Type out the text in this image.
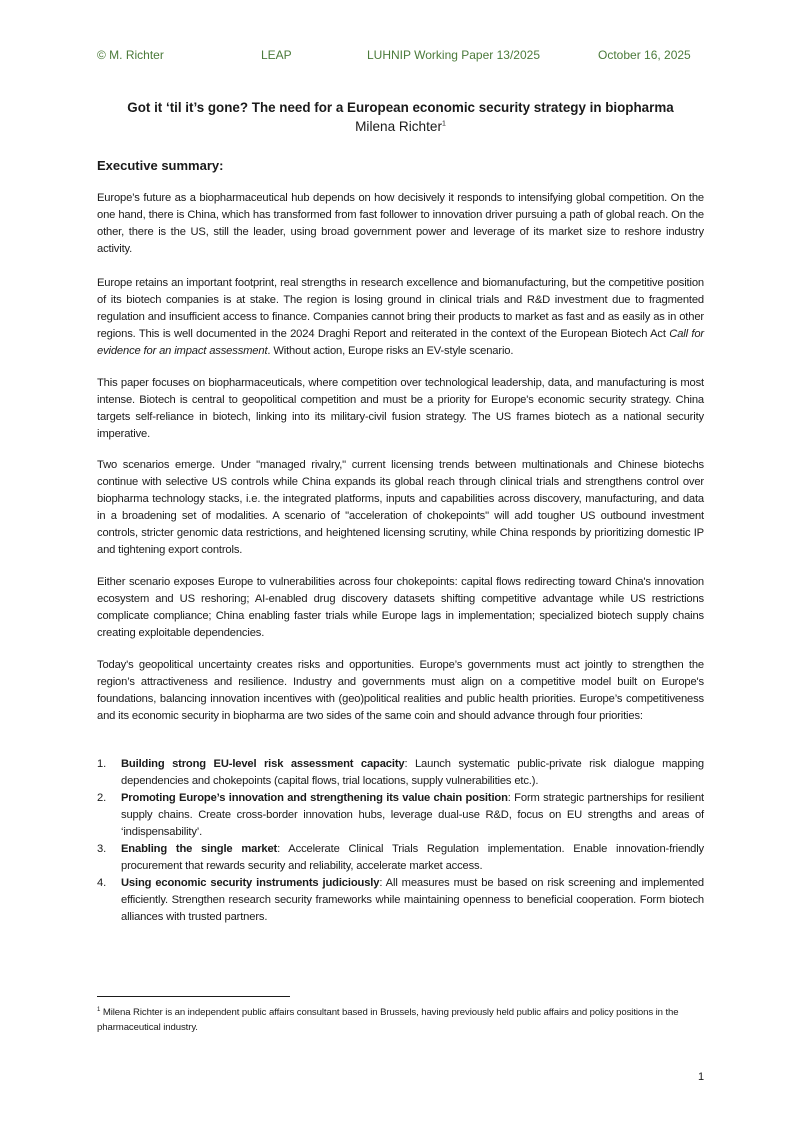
© M. Richter	LEAP	LUHNIP Working Paper 13/2025	October 16, 2025
Got it ‘til it’s gone? The need for a European economic security strategy in biopharma
Milena Richter$^1$
Executive summary:

Europe’s future as a biopharmaceutical hub depends on how decisively it responds to intensifying global competition. On the one hand, there is China, which has transformed from fast follower to innovation driver pursuing a path of global reach. On the other, there is the US, still the leader, using broad government power and leverage of its market size to reshore industry activity.

Europe retains an important footprint, real strengths in research excellence and biomanufacturing, but the competitive position of its biotech companies is at stake. The region is losing ground in clinical trials and R&D investment due to fragmented regulation and insufficient access to finance. Companies cannot bring their products to market as fast and as easily as in other regions. This is well documented in the 2024 Draghi Report and reiterated in the context of the European Biotech Act Call for evidence for an impact assessment. Without action, Europe risks an EV-style scenario.

This paper focuses on biopharmaceuticals, where competition over technological leadership, data, and manufacturing is most intense. Biotech is central to geopolitical competition and must be a priority for Europe's economic security strategy. China targets self-reliance in biotech, linking into its military-civil fusion strategy. The US frames biotech as a national security imperative.

Two scenarios emerge. Under "managed rivalry," current licensing trends between multinationals and Chinese biotechs continue with selective US controls while China expands its global reach through clinical trials and strengthens control over biopharma technology stacks, i.e. the integrated platforms, inputs and capabilities across discovery, manufacturing, and data in a broadening set of modalities. A scenario of "acceleration of chokepoints" will add tougher US outbound investment controls, stricter genomic data restrictions, and heightened licensing scrutiny, while China responds by prioritizing domestic IP and tightening export controls.

Either scenario exposes Europe to vulnerabilities across four chokepoints: capital flows redirecting toward China's innovation ecosystem and US reshoring; AI-enabled drug discovery datasets shifting competitive advantage while US restrictions complicate compliance; China enabling faster trials while Europe lags in implementation; specialized biotech supply chains creating exploitable dependencies.

Today's geopolitical uncertainty creates risks and opportunities. Europe’s governments must act jointly to strengthen the region’s attractiveness and resilience. Industry and governments must align on a competitive model built on Europe's foundations, balancing innovation incentives with (geo)political realities and public health priorities. Europe’s competitiveness and its economic security in biopharma are two sides of the same coin and should advance through four priorities:

1. Building strong EU-level risk assessment capacity: Launch systematic public-private risk dialogue mapping dependencies and chokepoints (capital flows, trial locations, supply vulnerabilities etc.).
2. Promoting Europe’s innovation and strengthening its value chain position: Form strategic partnerships for resilient supply chains. Create cross-border innovation hubs, leverage dual-use R&D, focus on EU strengths and areas of ‘indispensability’.
3. Enabling the single market: Accelerate Clinical Trials Regulation implementation. Enable innovation-friendly procurement that rewards security and reliability, accelerate market access.
4. Using economic security instruments judiciously: All measures must be based on risk screening and implemented efficiently. Strengthen research security frameworks while maintaining openness to beneficial cooperation. Form biotech alliances with trusted partners.

$^1$ Milena Richter is an independent public affairs consultant based in Brussels, having previously held public affairs and policy positions in the pharmaceutical industry.

1
